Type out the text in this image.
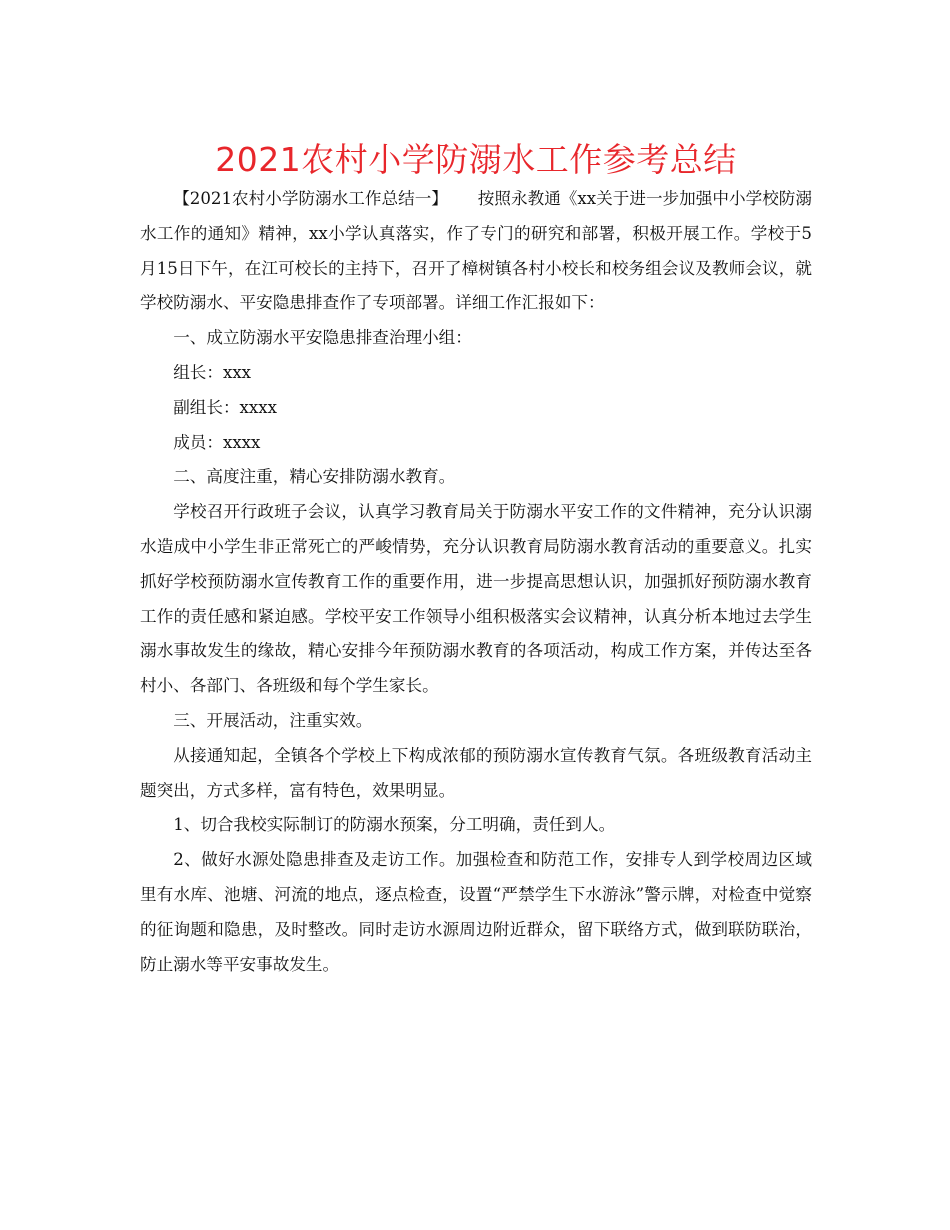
2021农村小学防溺水工作参考总结

【2021农村小学防溺水工作总结一】 按照永教通《xx关于进一步加强中小学校防溺水工作的通知》精神，xx小学认真落实，作了专门的研究和部署，积极开展工作。学校于5月15日下午，在江可校长的主持下，召开了樟树镇各村小校长和校务组会议及教师会议，就学校防溺水、平安隐患排查作了专项部署。详细工作汇报如下：

一、成立防溺水平安隐患排查治理小组：

组长：xxx

副组长：xxxx

成员：xxxx

二、高度注重，精心安排防溺水教育。

学校召开行政班子会议，认真学习教育局关于防溺水平安工作的文件精神，充分认识溺水造成中小学生非正常死亡的严峻情势，充分认识教育局防溺水教育活动的重要意义。扎实抓好学校预防溺水宣传教育工作的重要作用，进一步提高思想认识，加强抓好预防溺水教育工作的责任感和紧迫感。学校平安工作领导小组积极落实会议精神，认真分析本地过去学生溺水事故发生的缘故，精心安排今年预防溺水教育的各项活动，构成工作方案，并传达至各村小、各部门、各班级和每个学生家长。

三、开展活动，注重实效。

从接通知起，全镇各个学校上下构成浓郁的预防溺水宣传教育气氛。各班级教育活动主题突出，方式多样，富有特色，效果明显。

1、切合我校实际制订的防溺水预案，分工明确，责任到人。

2、做好水源处隐患排查及走访工作。加强检查和防范工作，安排专人到学校周边区域里有水库、池塘、河流的地点，逐点检查，设置“严禁学生下水游泳”警示牌，对检查中觉察的征询题和隐患，及时整改。同时走访水源周边附近群众，留下联络方式，做到联防联治，防止溺水等平安事故发生。
